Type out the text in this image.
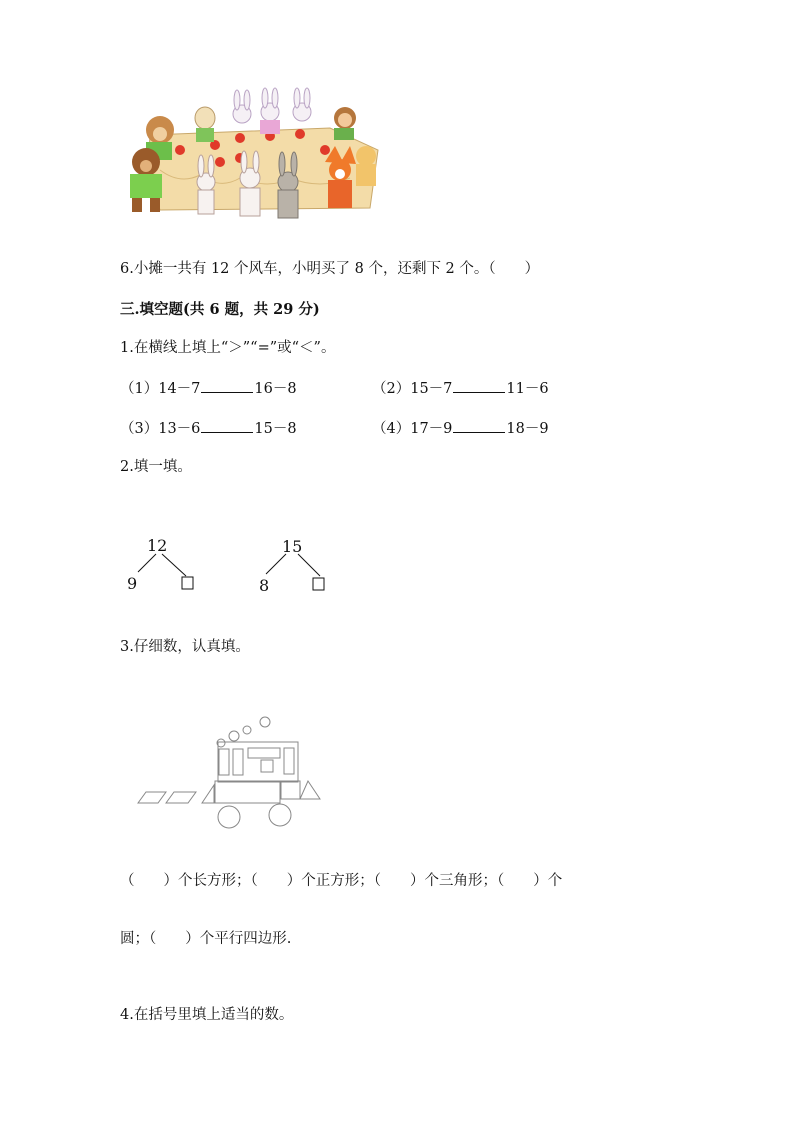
6.小摊一共有 12 个风车，小明买了 8 个，还剩下 2 个。（　　）
三.填空题(共 6 题，共 29 分)
1.在横线上填上“＞”“=”或“＜”。
（1）14－7	16－8	（2）15－7	11－6
（3）13－6	15－8	（4）17－9	18－9
2.填一填。
12
9
15
8
3.仔细数，认真填。
（　　）个长方形；（　　）个正方形；（　　）个三角形；（　　）个
圆；（　　）个平行四边形.
4.在括号里填上适当的数。
